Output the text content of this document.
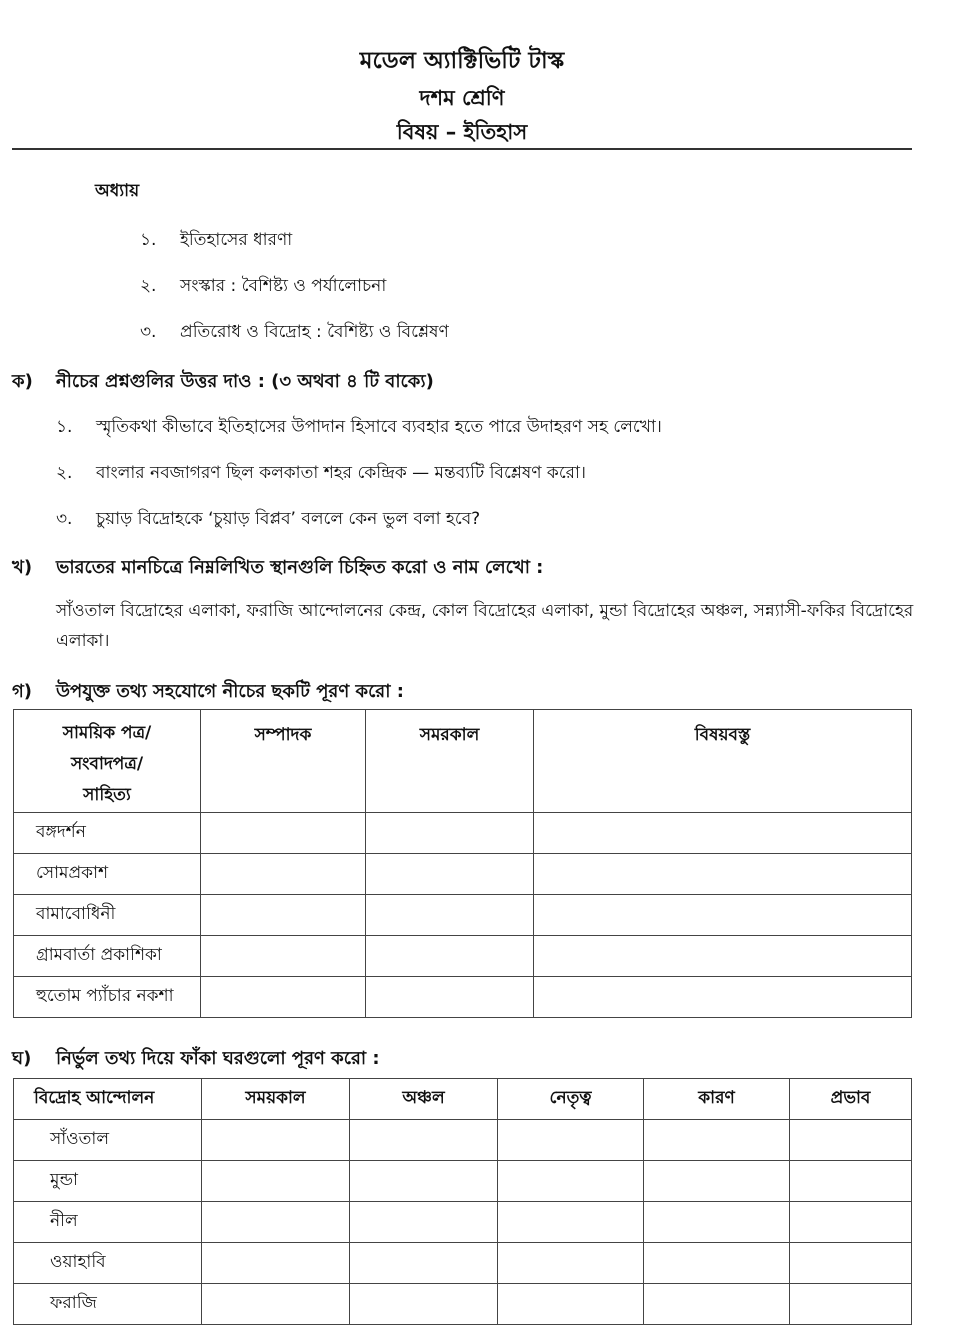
মডেল অ্যাক্টিভিটি টাস্ক
দশম শ্রেণি
বিষয় – ইতিহাস
অধ্যায়
১. ইতিহাসের ধারণা
২. সংস্কার : বৈশিষ্ট্য ও পর্যালোচনা
৩. প্রতিরোধ ও বিদ্রোহ : বৈশিষ্ট্য ও বিশ্লেষণ
ক) নীচের প্রশ্নগুলির উত্তর দাও : (৩ অথবা ৪ টি বাক্যে)
১. স্মৃতিকথা কীভাবে ইতিহাসের উপাদান হিসাবে ব্যবহার হতে পারে উদাহরণ সহ লেখো।
২. বাংলার নবজাগরণ ছিল কলকাতা শহর কেন্দ্রিক — মন্তব্যটি বিশ্লেষণ করো।
৩. চুয়াড় বিদ্রোহকে ‘চুয়াড় বিপ্লব’ বললে কেন ভুল বলা হবে?
খ) ভারতের মানচিত্রে নিম্নলিখিত স্থানগুলি চিহ্নিত করো ও নাম লেখো :
সাঁওতাল বিদ্রোহের এলাকা, ফরাজি আন্দোলনের কেন্দ্র, কোল বিদ্রোহের এলাকা, মুন্ডা বিদ্রোহের অঞ্চল, সন্ন্যাসী-ফকির বিদ্রোহের এলাকা।
গ) উপযুক্ত তথ্য সহযোগে নীচের ছকটি পূরণ করো :
সাময়িক পত্র/
সংবাদপত্র/
সাহিত্য	সম্পাদক	সমরকাল	বিষয়বস্তু
বঙ্গদর্শন			
সোমপ্রকাশ			
বামাবোধিনী			
গ্রামবার্তা প্রকাশিকা			
হুতোম প্যাঁচার নকশা			
ঘ) নির্ভুল তথ্য দিয়ে ফাঁকা ঘরগুলো পূরণ করো :
বিদ্রোহ আন্দোলন	সময়কাল	অঞ্চল	নেতৃত্ব	কারণ	প্রভাব
সাঁওতাল					
মুন্ডা					
নীল					
ওয়াহাবি					
ফরাজি					
